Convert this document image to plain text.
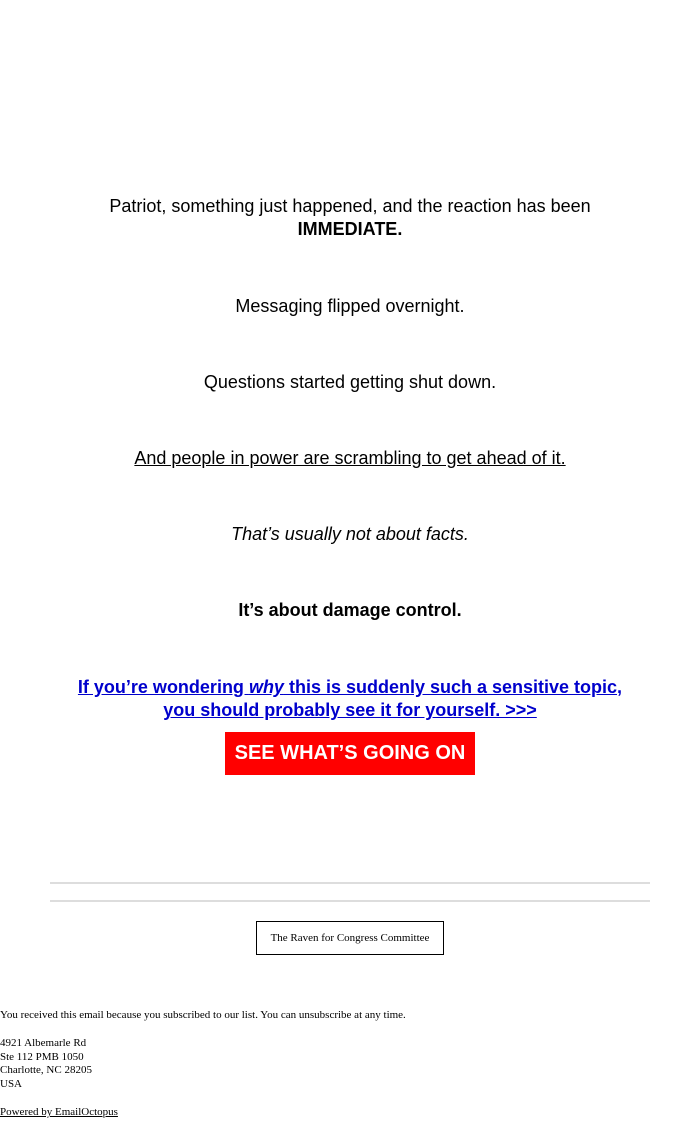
Patriot, something just happened, and the reaction has been
IMMEDIATE.
Messaging flipped overnight.
Questions started getting shut down.
And people in power are scrambling to get ahead of it.
That’s usually not about facts.
It’s about damage control.
If you’re wondering why this is suddenly such a sensitive topic,
you should probably see it for yourself. >>>
SEE WHAT’S GOING ON
The Raven for Congress Committee
You received this email because you subscribed to our list. You can unsubscribe at any time.
4921 Albemarle Rd
Ste 112 PMB 1050
Charlotte, NC 28205
USA
Powered by EmailOctopus
